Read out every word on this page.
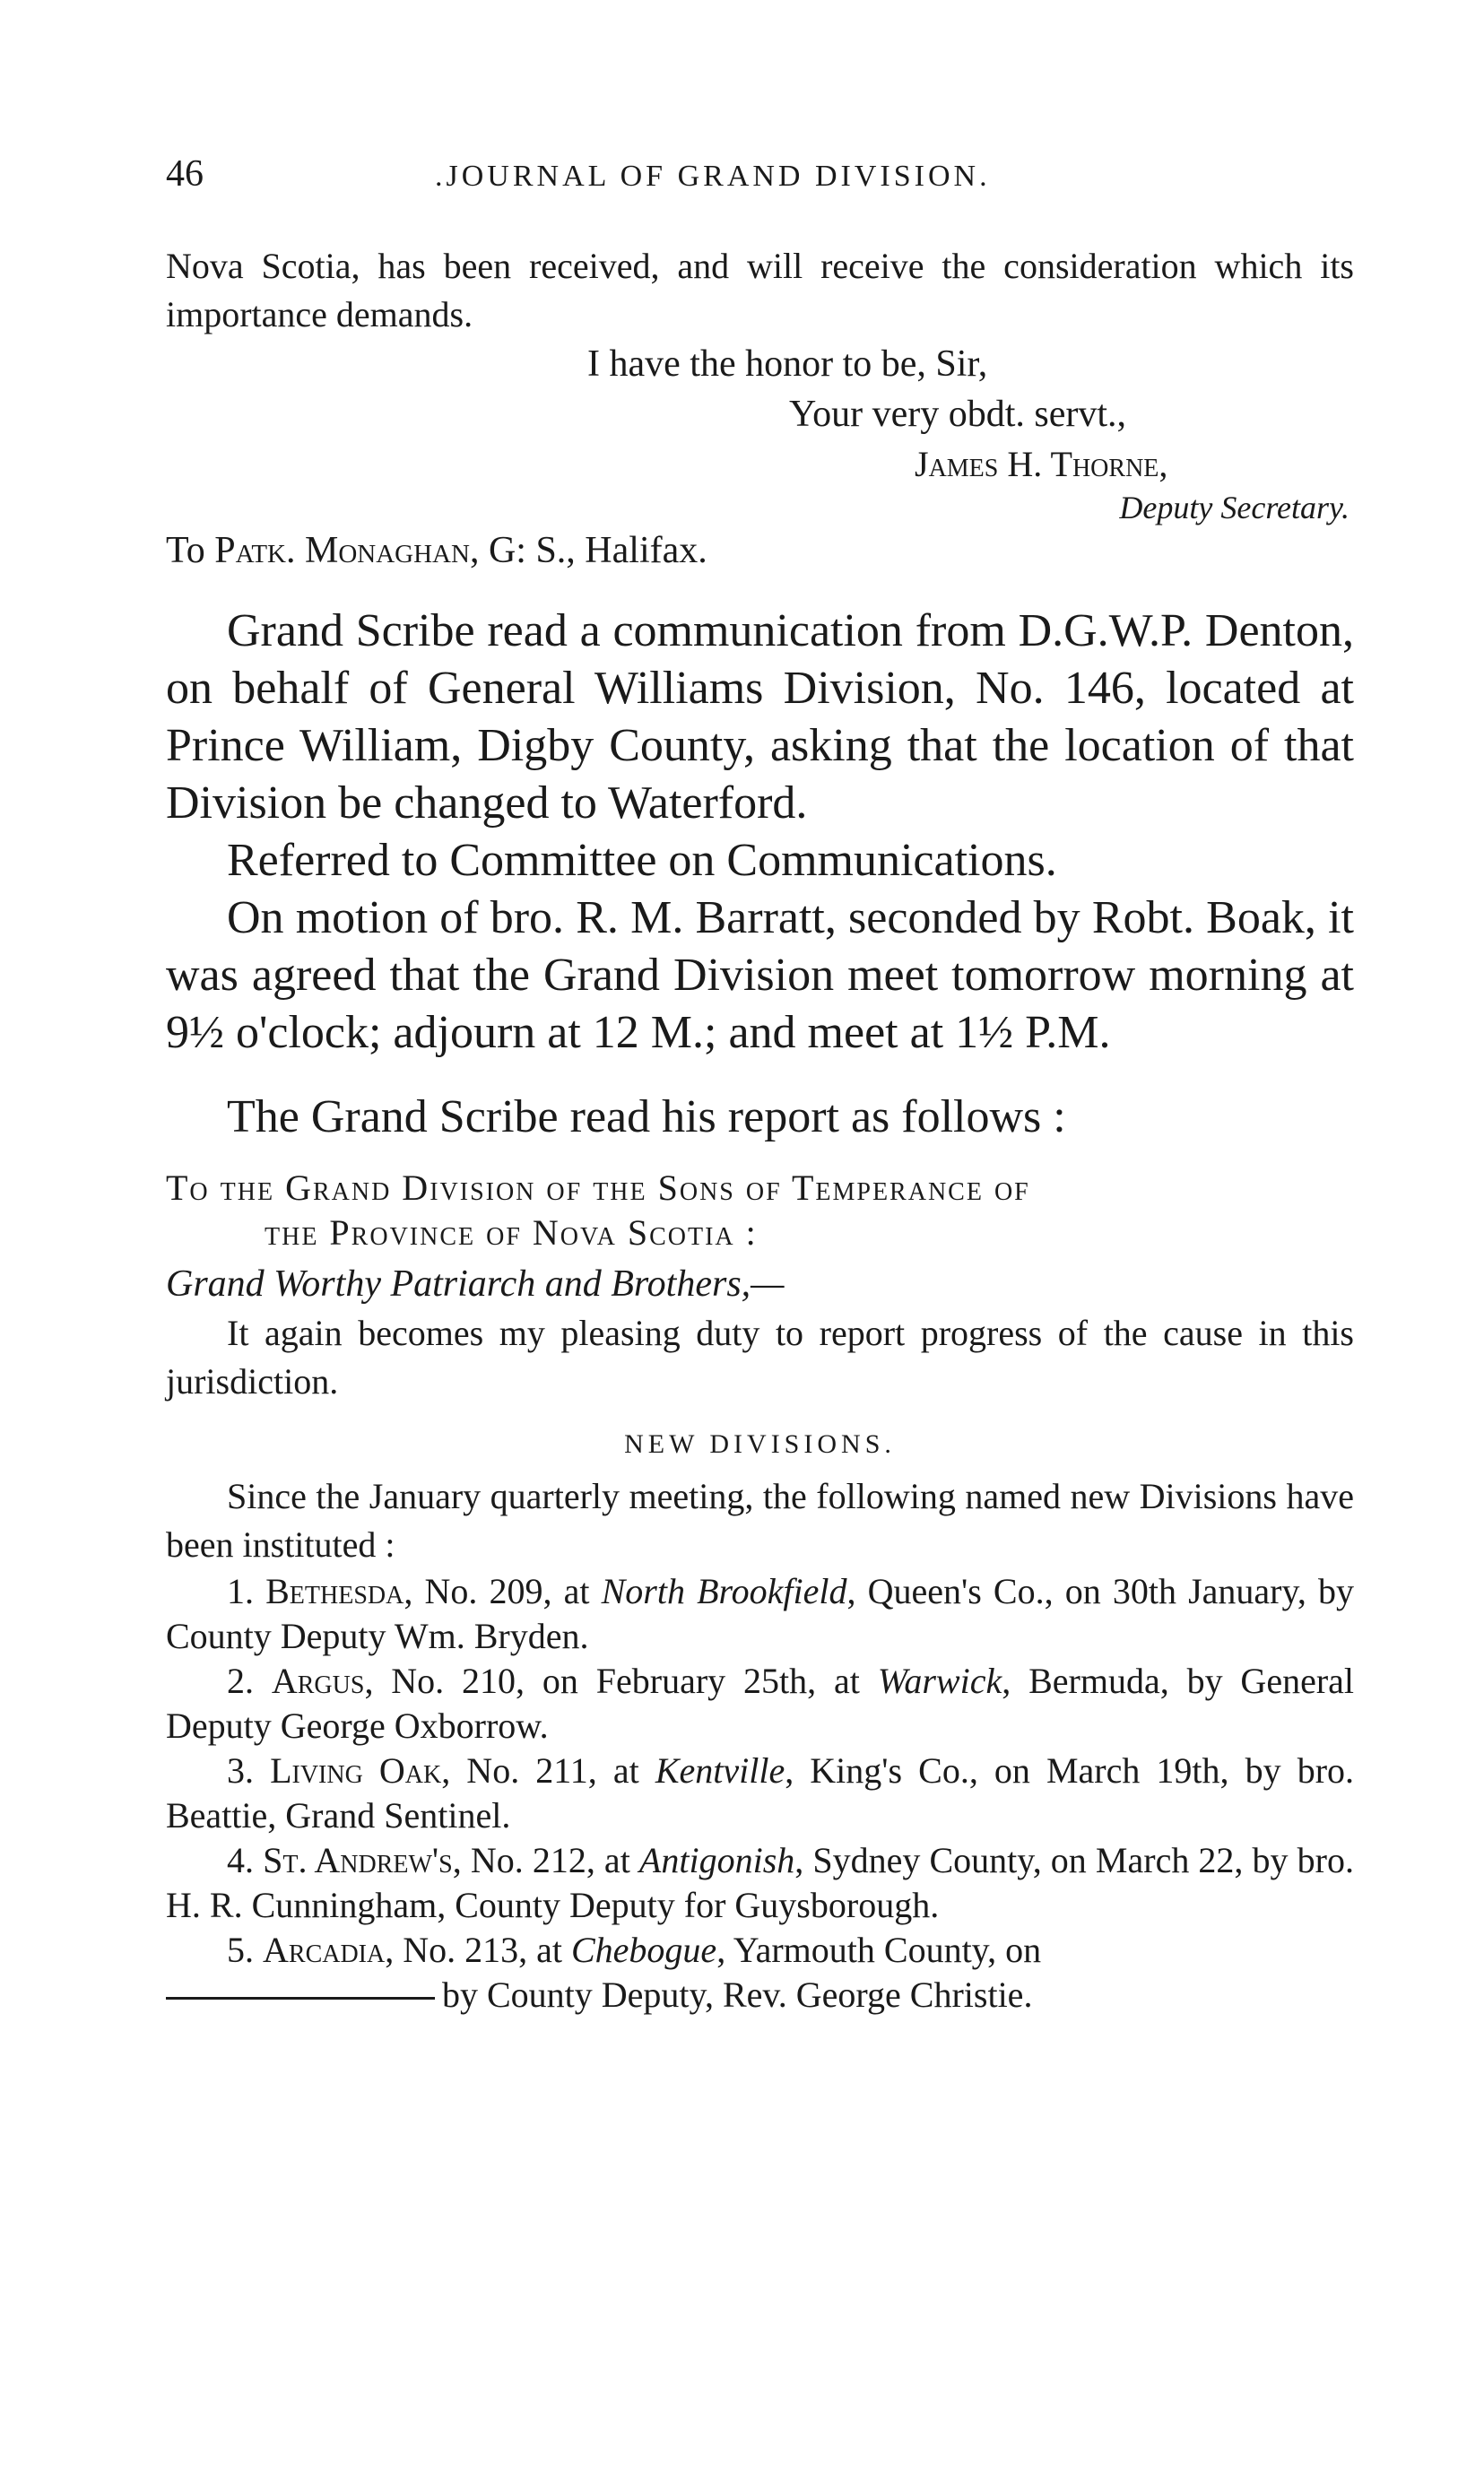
46	.JOURNAL OF GRAND DIVISION.

Nova Scotia, has been received, and will receive the consideration which its importance demands.

I have the honor to be, Sir,

Your very obdt. servt.,

James H. Thorne,

Deputy Secretary.

To Patk. Monaghan, G: S., Halifax.

Grand Scribe read a communication from D.G.W.P. Denton, on behalf of General Williams Division, No. 146, located at Prince William, Digby County, asking that the location of that Division be changed to Waterford.

Referred to Committee on Communications.

On motion of bro. R. M. Barratt, seconded by Robt. Boak, it was agreed that the Grand Division meet tomorrow morning at 9½ o'clock; adjourn at 12 M.; and meet at 1½ P.M.

The Grand Scribe read his report as follows :

To the Grand Division of the Sons of Temperance of

the Province of Nova Scotia :

Grand Worthy Patriarch and Brothers,—

It again becomes my pleasing duty to report progress of the cause in this jurisdiction.

NEW DIVISIONS.

Since the January quarterly meeting, the following named new Divisions have been instituted :

1. Bethesda, No. 209, at North Brookfield, Queen's Co., on 30th January, by County Deputy Wm. Bryden.

2. Argus, No. 210, on February 25th, at Warwick, Bermuda, by General Deputy George Oxborrow.

3. Living Oak, No. 211, at Kentville, King's Co., on March 19th, by bro. Beattie, Grand Sentinel.

4. St. Andrew's, No. 212, at Antigonish, Sydney County, on March 22, by bro. H. R. Cunningham, County Deputy for Guysborough.

5. Arcadia, No. 213, at Chebogue, Yarmouth County, on

by County Deputy, Rev. George Christie.
